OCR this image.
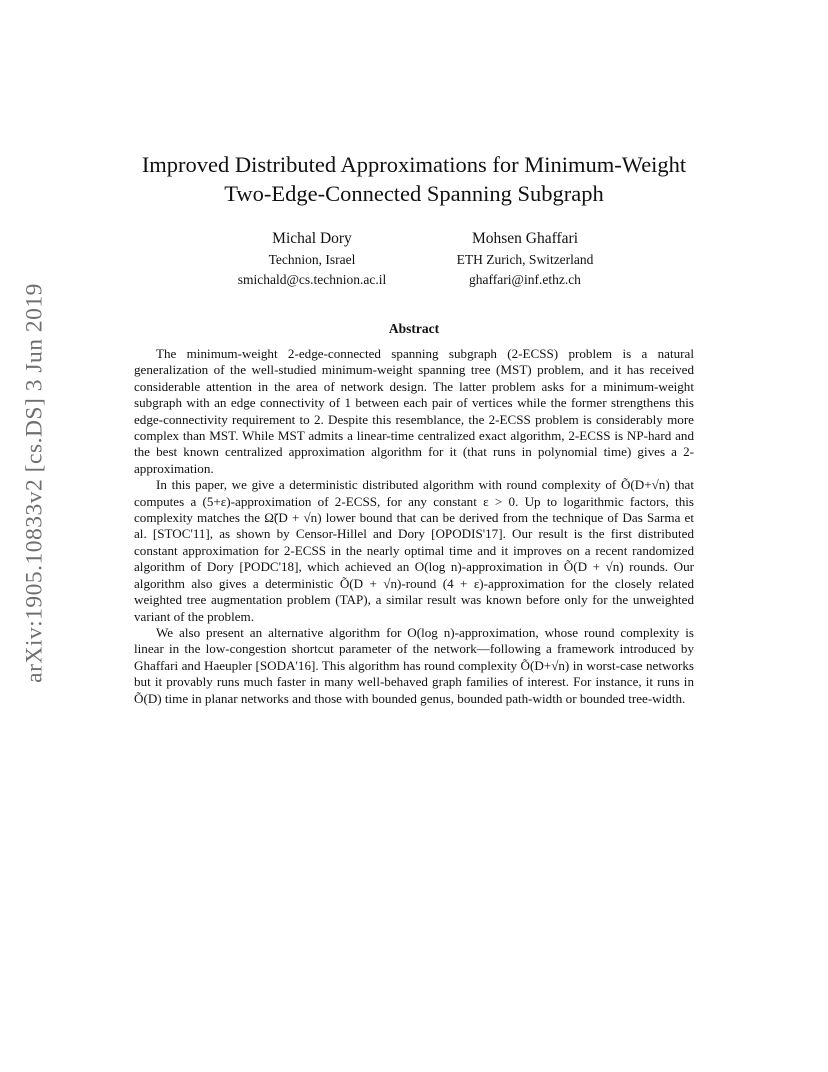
arXiv:1905.10833v2 [cs.DS] 3 Jun 2019
Improved Distributed Approximations for Minimum-Weight
Two-Edge-Connected Spanning Subgraph
Michal Dory
Technion, Israel
smichald@cs.technion.ac.il
Mohsen Ghaffari
ETH Zurich, Switzerland
ghaffari@inf.ethz.ch
Abstract

The minimum-weight 2-edge-connected spanning subgraph (2-ECSS) problem is a natural generalization of the well-studied minimum-weight spanning tree (MST) problem, and it has received considerable attention in the area of network design. The latter problem asks for a minimum-weight subgraph with an edge connectivity of 1 between each pair of vertices while the former strengthens this edge-connectivity requirement to 2. Despite this resemblance, the 2-ECSS problem is considerably more complex than MST. While MST admits a linear-time centralized exact algorithm, 2-ECSS is NP-hard and the best known centralized approximation algorithm for it (that runs in polynomial time) gives a 2-approximation.

In this paper, we give a deterministic distributed algorithm with round complexity of Õ(D+√n) that computes a (5+ε)-approximation of 2-ECSS, for any constant ε > 0. Up to logarithmic factors, this complexity matches the Ω̃(D + √n) lower bound that can be derived from the technique of Das Sarma et al. [STOC'11], as shown by Censor-Hillel and Dory [OPODIS'17]. Our result is the first distributed constant approximation for 2-ECSS in the nearly optimal time and it improves on a recent randomized algorithm of Dory [PODC'18], which achieved an O(log n)-approximation in Õ(D + √n) rounds. Our algorithm also gives a deterministic Õ(D + √n)-round (4 + ε)-approximation for the closely related weighted tree augmentation problem (TAP), a similar result was known before only for the unweighted variant of the problem.

We also present an alternative algorithm for O(log n)-approximation, whose round complexity is linear in the low-congestion shortcut parameter of the network—following a framework introduced by Ghaffari and Haeupler [SODA'16]. This algorithm has round complexity Õ(D+√n) in worst-case networks but it provably runs much faster in many well-behaved graph families of interest. For instance, it runs in Õ(D) time in planar networks and those with bounded genus, bounded path-width or bounded tree-width.
